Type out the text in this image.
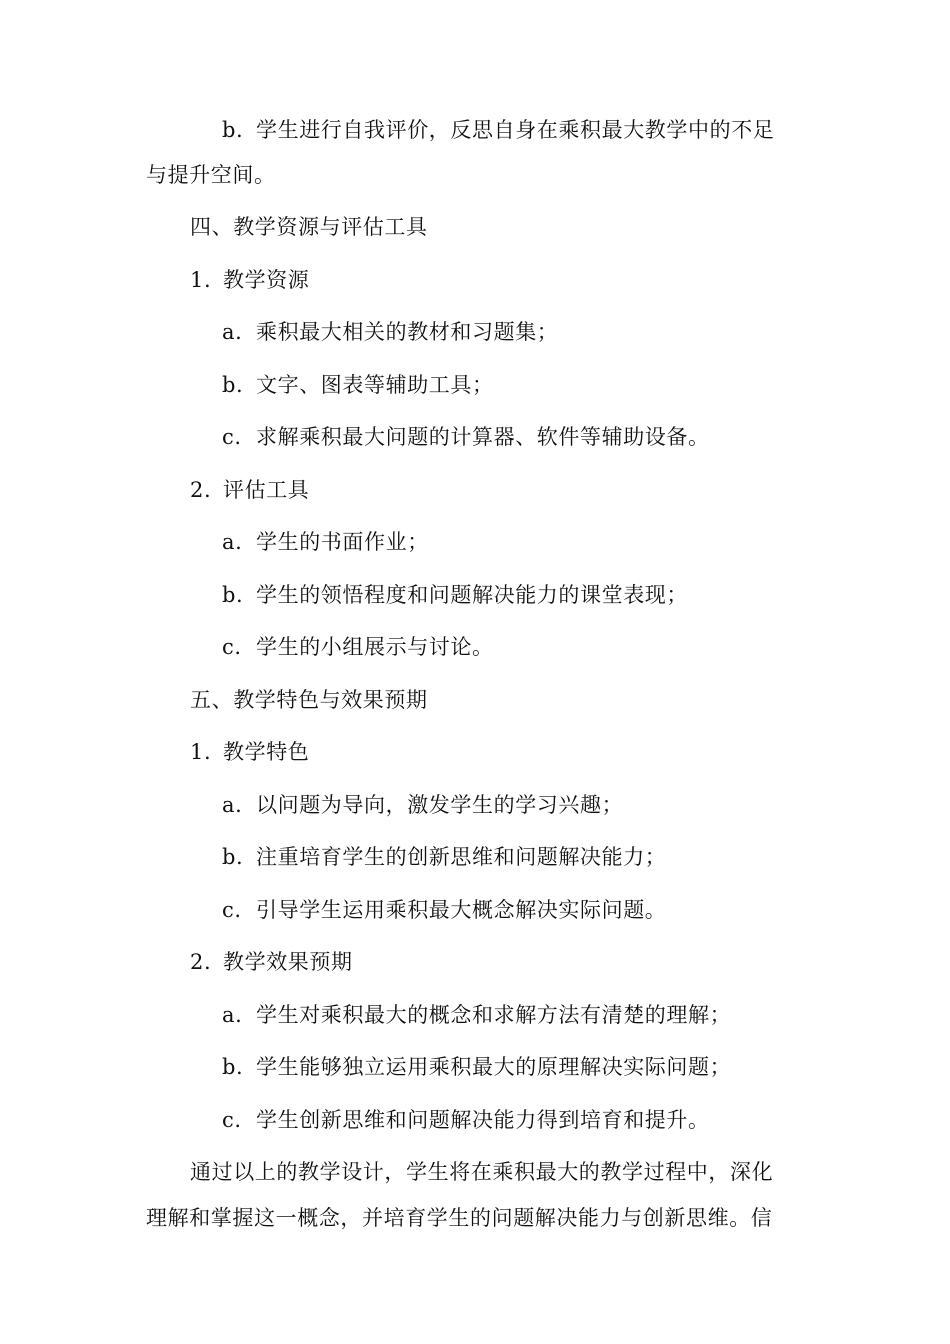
b. 学生进行自我评价，反思自身在乘积最大教学中的不足
与提升空间。
四、教学资源与评估工具
1. 教学资源
a. 乘积最大相关的教材和习题集；
b. 文字、图表等辅助工具；
c. 求解乘积最大问题的计算器、软件等辅助设备。
2. 评估工具
a. 学生的书面作业；
b. 学生的领悟程度和问题解决能力的课堂表现；
c. 学生的小组展示与讨论。
五、教学特色与效果预期
1. 教学特色
a. 以问题为导向，激发学生的学习兴趣；
b. 注重培育学生的创新思维和问题解决能力；
c. 引导学生运用乘积最大概念解决实际问题。
2. 教学效果预期
a. 学生对乘积最大的概念和求解方法有清楚的理解；
b. 学生能够独立运用乘积最大的原理解决实际问题；
c. 学生创新思维和问题解决能力得到培育和提升。
通过以上的教学设计，学生将在乘积最大的教学过程中，深化
理解和掌握这一概念，并培育学生的问题解决能力与创新思维。信
